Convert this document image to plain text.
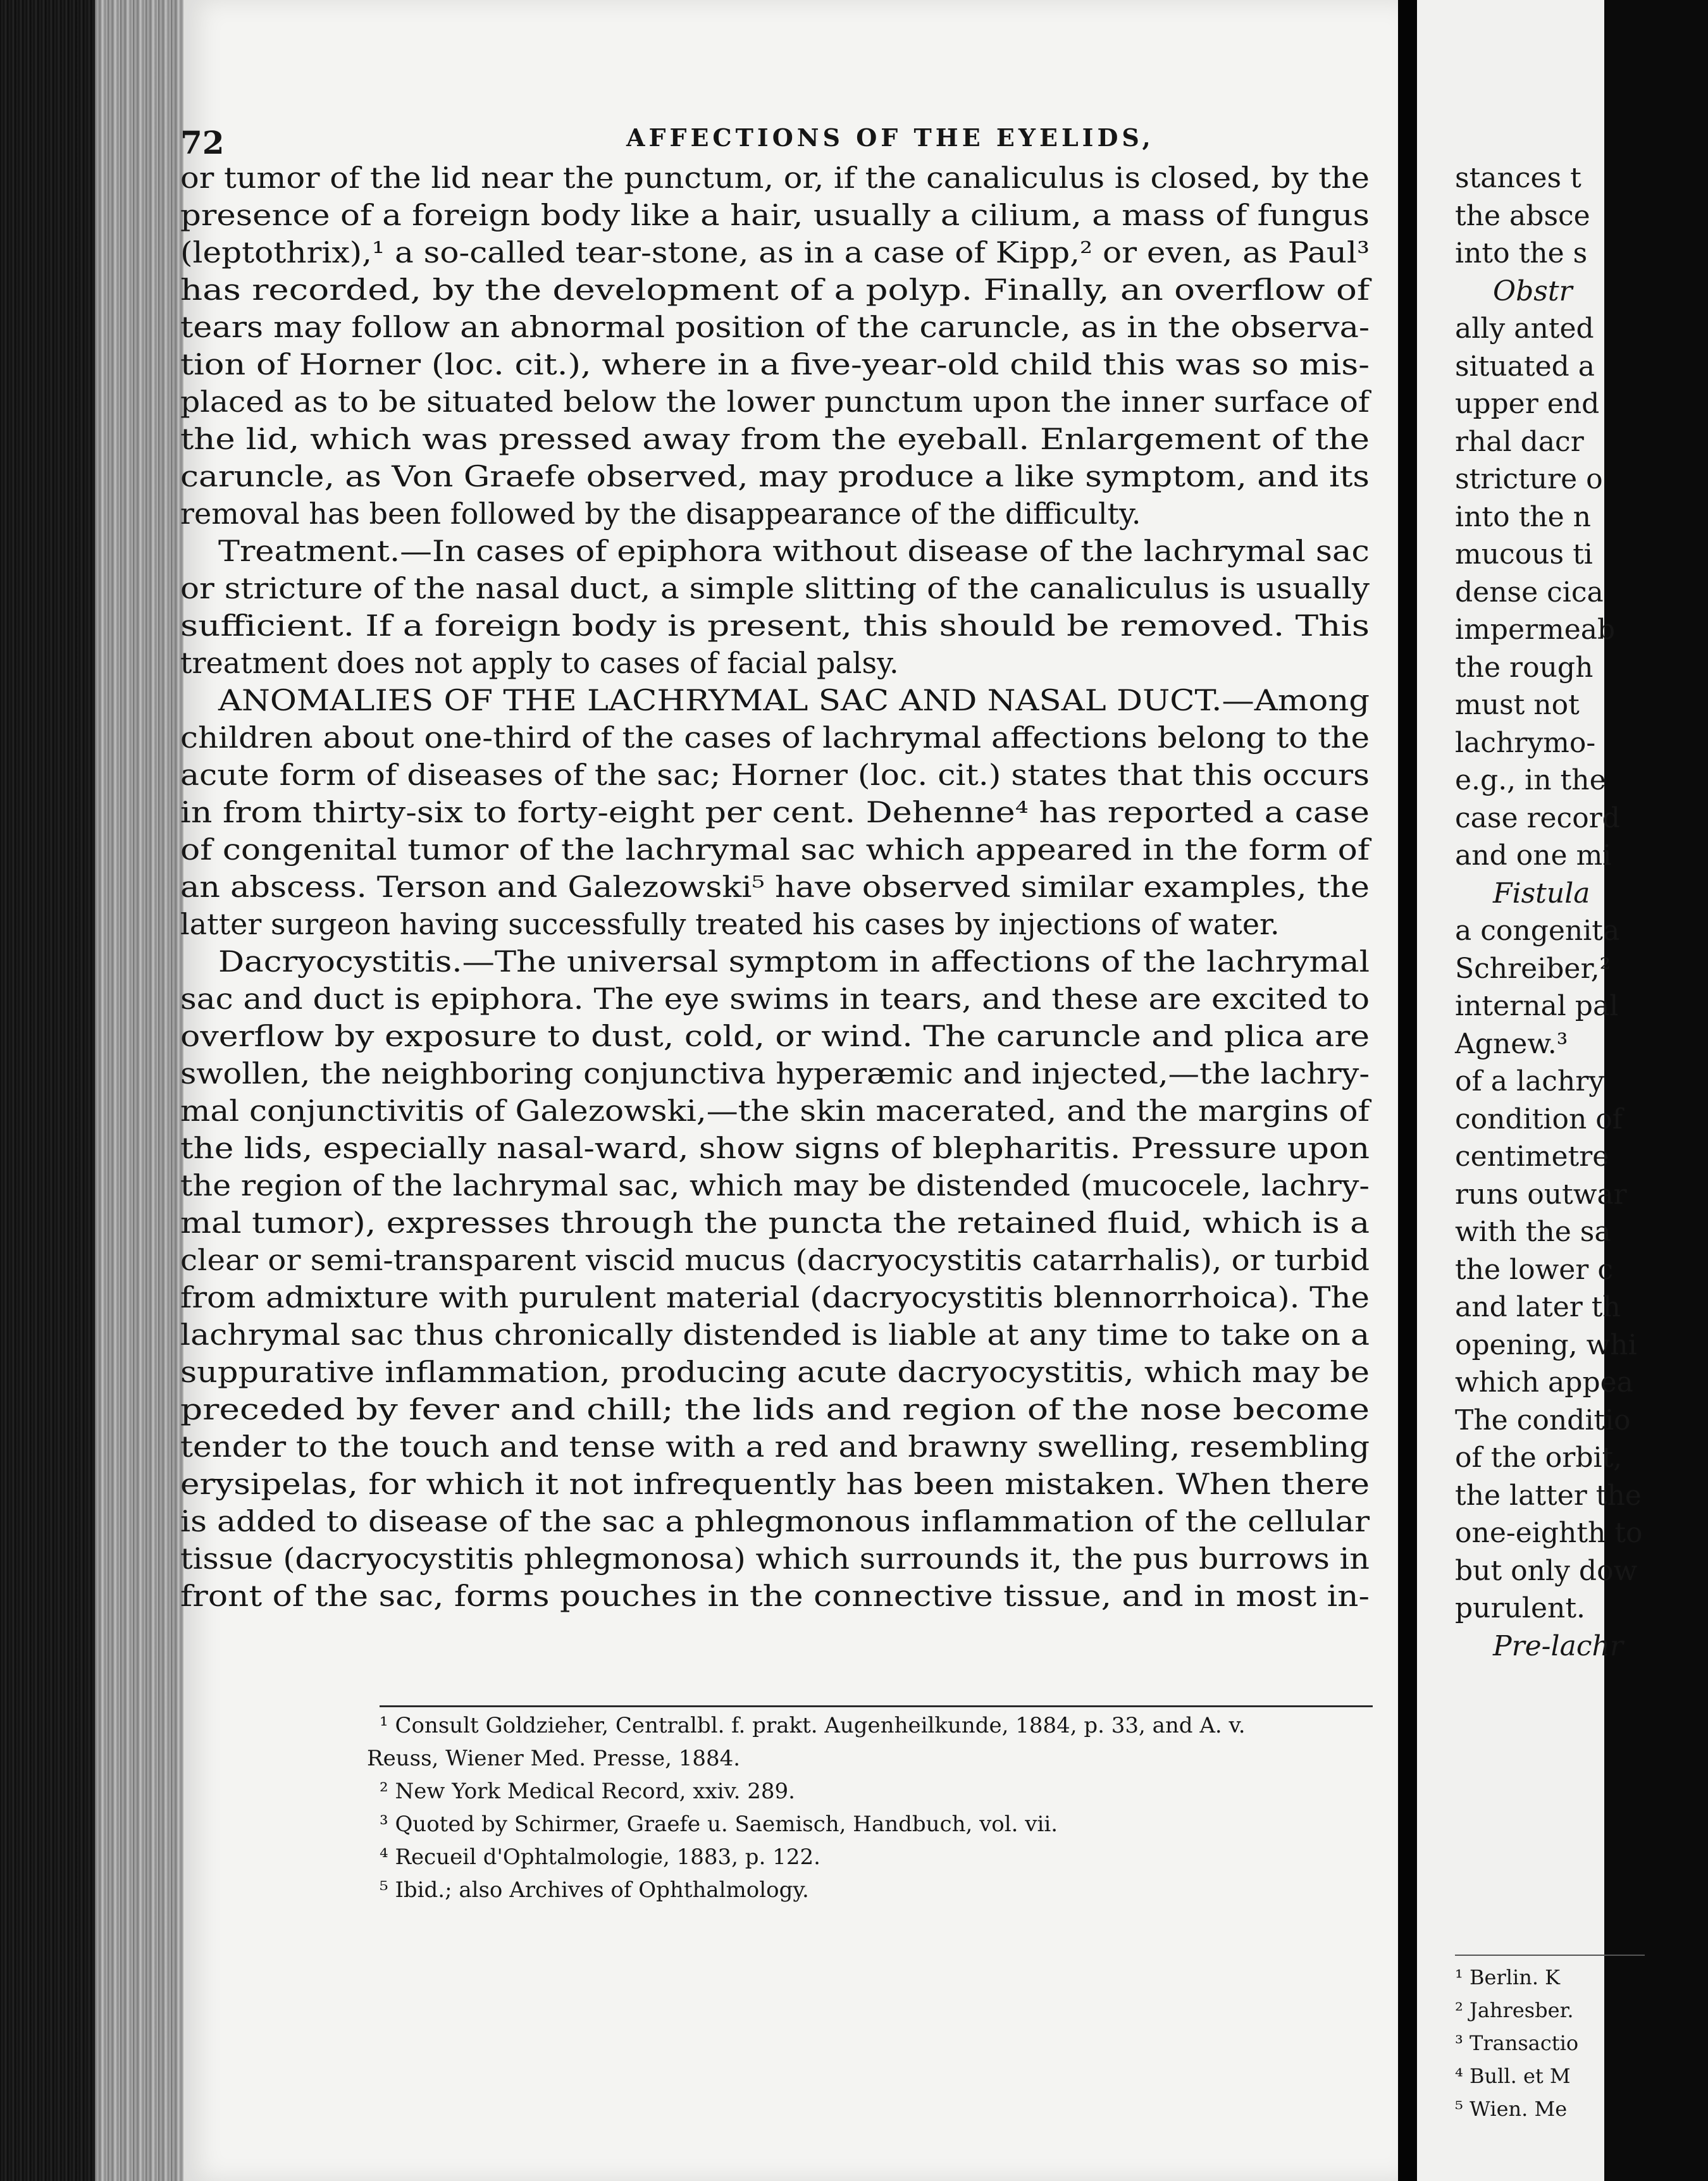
72	AFFECTIONS OF THE EYELIDS,
or tumor of the lid near the punctum, or, if the canaliculus is closed, by the
presence of a foreign body like a hair, usually a cilium, a mass of fungus
(leptothrix),¹ a so-called tear-stone, as in a case of Kipp,² or even, as Paul³
has recorded, by the development of a polyp. Finally, an overflow of
tears may follow an abnormal position of the caruncle, as in the observa-
tion of Horner (loc. cit.), where in a five-year-old child this was so mis-
placed as to be situated below the lower punctum upon the inner surface of
the lid, which was pressed away from the eyeball. Enlargement of the
caruncle, as Von Graefe observed, may produce a like symptom, and its
removal has been followed by the disappearance of the difficulty.
Treatment.—In cases of epiphora without disease of the lachrymal sac
or stricture of the nasal duct, a simple slitting of the canaliculus is usually
sufficient. If a foreign body is present, this should be removed. This
treatment does not apply to cases of facial palsy.
ANOMALIES OF THE LACHRYMAL SAC AND NASAL DUCT.—Among
children about one-third of the cases of lachrymal affections belong to the
acute form of diseases of the sac; Horner (loc. cit.) states that this occurs
in from thirty-six to forty-eight per cent. Dehenne⁴ has reported a case
of congenital tumor of the lachrymal sac which appeared in the form of
an abscess. Terson and Galezowski⁵ have observed similar examples, the
latter surgeon having successfully treated his cases by injections of water.
Dacryocystitis.—The universal symptom in affections of the lachrymal
sac and duct is epiphora. The eye swims in tears, and these are excited to
overflow by exposure to dust, cold, or wind. The caruncle and plica are
swollen, the neighboring conjunctiva hyperæmic and injected,—the lachry-
mal conjunctivitis of Galezowski,—the skin macerated, and the margins of
the lids, especially nasal-ward, show signs of blepharitis. Pressure upon
the region of the lachrymal sac, which may be distended (mucocele, lachry-
mal tumor), expresses through the puncta the retained fluid, which is a
clear or semi-transparent viscid mucus (dacryocystitis catarrhalis), or turbid
from admixture with purulent material (dacryocystitis blennorrhoica). The
lachrymal sac thus chronically distended is liable at any time to take on a
suppurative inflammation, producing acute dacryocystitis, which may be
preceded by fever and chill; the lids and region of the nose become
tender to the touch and tense with a red and brawny swelling, resembling
erysipelas, for which it not infrequently has been mistaken. When there
is added to disease of the sac a phlegmonous inflammation of the cellular
tissue (dacryocystitis phlegmonosa) which surrounds it, the pus burrows in
front of the sac, forms pouches in the connective tissue, and in most in-
¹ Consult Goldzieher, Centralbl. f. prakt. Augenheilkunde, 1884, p. 33, and A. v.
Reuss, Wiener Med. Presse, 1884.
² New York Medical Record, xxiv. 289.
³ Quoted by Schirmer, Graefe u. Saemisch, Handbuch, vol. vii.
⁴ Recueil d'Ophtalmologie, 1883, p. 122.
⁵ Ibid.; also Archives of Ophthalmology.
stances t
the absce
into the s
Obstr
ally anted
situated a
upper end
rhal dacr
stricture o
into the n
mucous ti
dense cica
impermeab
the rough
must not
lachrymo-
e.g., in the
case record
and one mi
Fistula
a congenita
Schreiber,²
internal pal
Agnew.³
of a lachry
condition of
centimetre
runs outwar
with the sa
the lower c
and later th
opening, whi
which appea
The conditio
of the orbit,
the latter the
one-eighth to
but only dow
purulent.
Pre-lachr
¹ Berlin. K
² Jahresber.
³ Transactio
⁴ Bull. et M
⁵ Wien. Me
